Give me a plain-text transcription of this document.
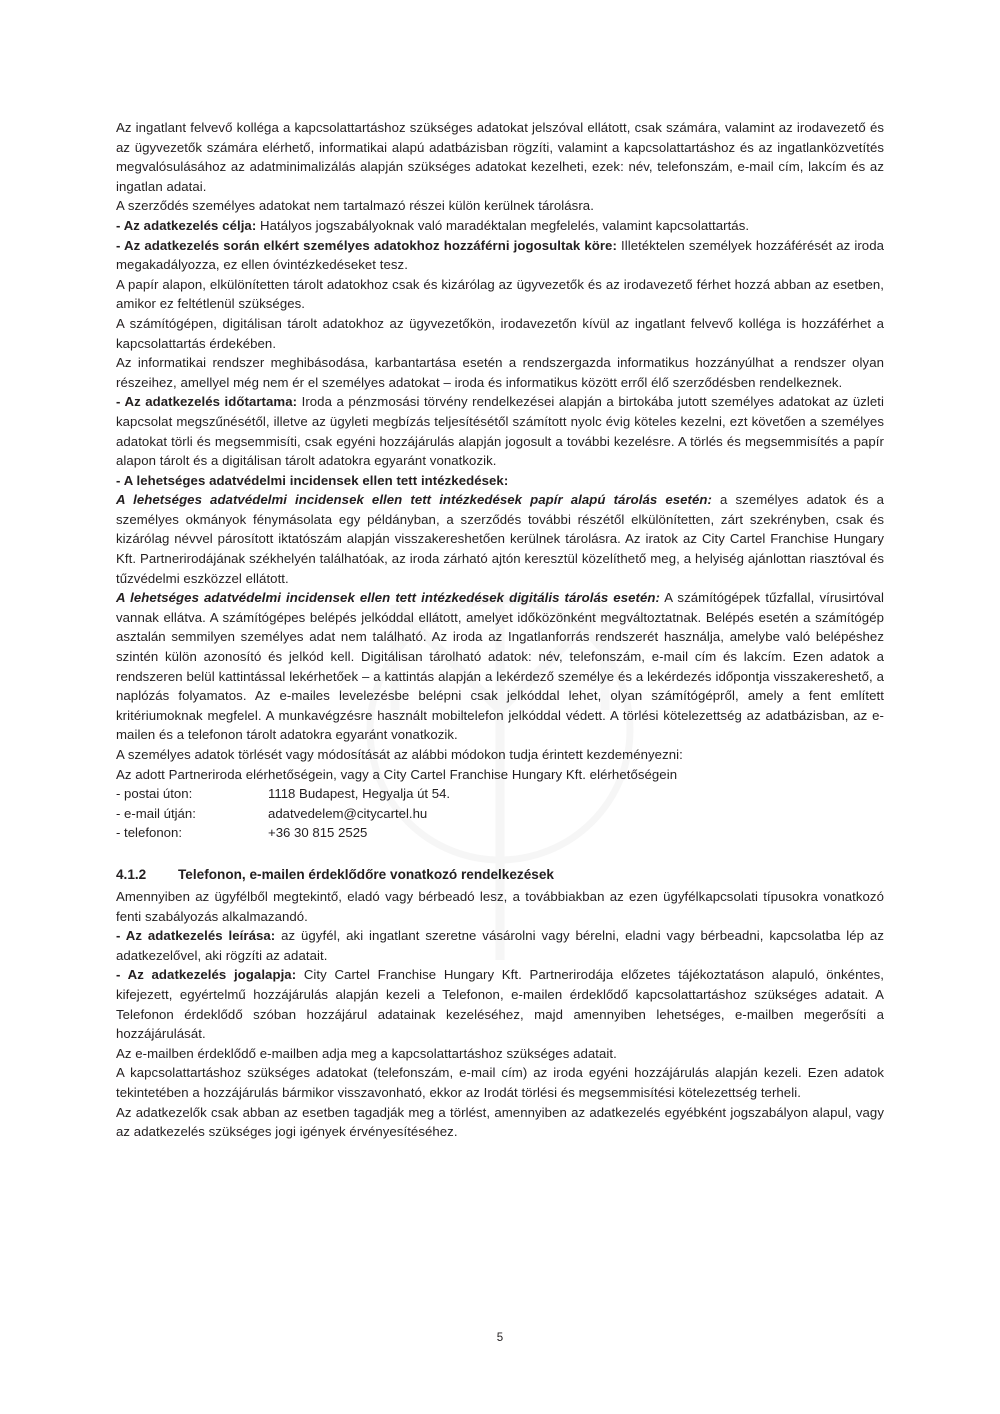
Az ingatlant felvevő kolléga a kapcsolattartáshoz szükséges adatokat jelszóval ellátott, csak számára, valamint az irodavezető és az ügyvezetők számára elérhető, informatikai alapú adatbázisban rögzíti, valamint a kapcsolattartáshoz és az ingatlanközvetítés megvalósulásához az adatminimalizálás alapján szükséges adatokat kezelheti, ezek: név, telefonszám, e-mail cím, lakcím és az ingatlan adatai.

A szerződés személyes adatokat nem tartalmazó részei külön kerülnek tárolásra.

- Az adatkezelés célja: Hatályos jogszabályoknak való maradéktalan megfelelés, valamint kapcsolattartás.

- Az adatkezelés során elkért személyes adatokhoz hozzáférni jogosultak köre: Illetéktelen személyek hozzáférését az iroda megakadályozza, ez ellen óvintézkedéseket tesz.

A papír alapon, elkülönítetten tárolt adatokhoz csak és kizárólag az ügyvezetők és az irodavezető férhet hozzá abban az esetben, amikor ez feltétlenül szükséges.

A számítógépen, digitálisan tárolt adatokhoz az ügyvezetőkön, irodavezetőn kívül az ingatlant felvevő kolléga is hozzáférhet a kapcsolattartás érdekében.

Az informatikai rendszer meghibásodása, karbantartása esetén a rendszergazda informatikus hozzányúlhat a rendszer olyan részeihez, amellyel még nem ér el személyes adatokat – iroda és informatikus között erről élő szerződésben rendelkeznek.

- Az adatkezelés időtartama: Iroda a pénzmosási törvény rendelkezései alapján a birtokába jutott személyes adatokat az üzleti kapcsolat megszűnésétől, illetve az ügyleti megbízás teljesítésétől számított nyolc évig köteles kezelni, ezt követően a személyes adatokat törli és megsemmisíti, csak egyéni hozzájárulás alapján jogosult a további kezelésre. A törlés és megsemmisítés a papír alapon tárolt és a digitálisan tárolt adatokra egyaránt vonatkozik.

- A lehetséges adatvédelmi incidensek ellen tett intézkedések:

A lehetséges adatvédelmi incidensek ellen tett intézkedések papír alapú tárolás esetén: a személyes adatok és a személyes okmányok fénymásolata egy példányban, a szerződés további részétől elkülönítetten, zárt szekrényben, csak és kizárólag névvel párosított iktatószám alapján visszakereshetően kerülnek tárolásra. Az iratok az City Cartel Franchise Hungary Kft. Partnerirodájának székhelyén találhatóak, az iroda zárható ajtón keresztül közelíthető meg, a helyiség ajánlottan riasztóval és tűzvédelmi eszközzel ellátott.

A lehetséges adatvédelmi incidensek ellen tett intézkedések digitális tárolás esetén: A számítógépek tűzfallal, vírusirtóval vannak ellátva. A számítógépes belépés jelkóddal ellátott, amelyet időközönként megváltoztatnak. Belépés esetén a számítógép asztalán semmilyen személyes adat nem található. Az iroda az Ingatlanforrás rendszerét használja, amelybe való belépéshez szintén külön azonosító és jelkód kell. Digitálisan tárolható adatok: név, telefonszám, e-mail cím és lakcím. Ezen adatok a rendszeren belül kattintással lekérhetőek – a kattintás alapján a lekérdező személye és a lekérdezés időpontja visszakereshető, a naplózás folyamatos. Az e-mailes levelezésbe belépni csak jelkóddal lehet, olyan számítógépről, amely a fent említett kritériumoknak megfelel. A munkavégzésre használt mobiltelefon jelkóddal védett. A törlési kötelezettség az adatbázisban, az e-mailen és a telefonon tárolt adatokra egyaránt vonatkozik.

A személyes adatok törlését vagy módosítását az alábbi módokon tudja érintett kezdeményezni:

Az adott Partneriroda elérhetőségein, vagy a City Cartel Franchise Hungary Kft. elérhetőségein

- postai úton:	1118 Budapest, Hegyalja út 54.
- e-mail útján:	adatvedelem@citycartel.hu
- telefonon:	+36 30 815 2525
4.1.2 Telefonon, e-mailen érdeklődőre vonatkozó rendelkezések

Amennyiben az ügyfélből megtekintő, eladó vagy bérbeadó lesz, a továbbiakban az ezen ügyfélkapcsolati típusokra vonatkozó fenti szabályozás alkalmazandó.

- Az adatkezelés leírása: az ügyfél, aki ingatlant szeretne vásárolni vagy bérelni, eladni vagy bérbeadni, kapcsolatba lép az adatkezelővel, aki rögzíti az adatait.

- Az adatkezelés jogalapja: City Cartel Franchise Hungary Kft. Partnerirodája előzetes tájékoztatáson alapuló, önkéntes, kifejezett, egyértelmű hozzájárulás alapján kezeli a Telefonon, e-mailen érdeklődő kapcsolattartáshoz szükséges adatait. A Telefonon érdeklődő szóban hozzájárul adatainak kezeléséhez, majd amennyiben lehetséges, e-mailben megerősíti a hozzájárulását.

Az e-mailben érdeklődő e-mailben adja meg a kapcsolattartáshoz szükséges adatait.

A kapcsolattartáshoz szükséges adatokat (telefonszám, e-mail cím) az iroda egyéni hozzájárulás alapján kezeli. Ezen adatok tekintetében a hozzájárulás bármikor visszavonható, ekkor az Irodát törlési és megsemmisítési kötelezettség terheli.

Az adatkezelők csak abban az esetben tagadják meg a törlést, amennyiben az adatkezelés egyébként jogszabályon alapul, vagy az adatkezelés szükséges jogi igények érvényesítéséhez.

5
